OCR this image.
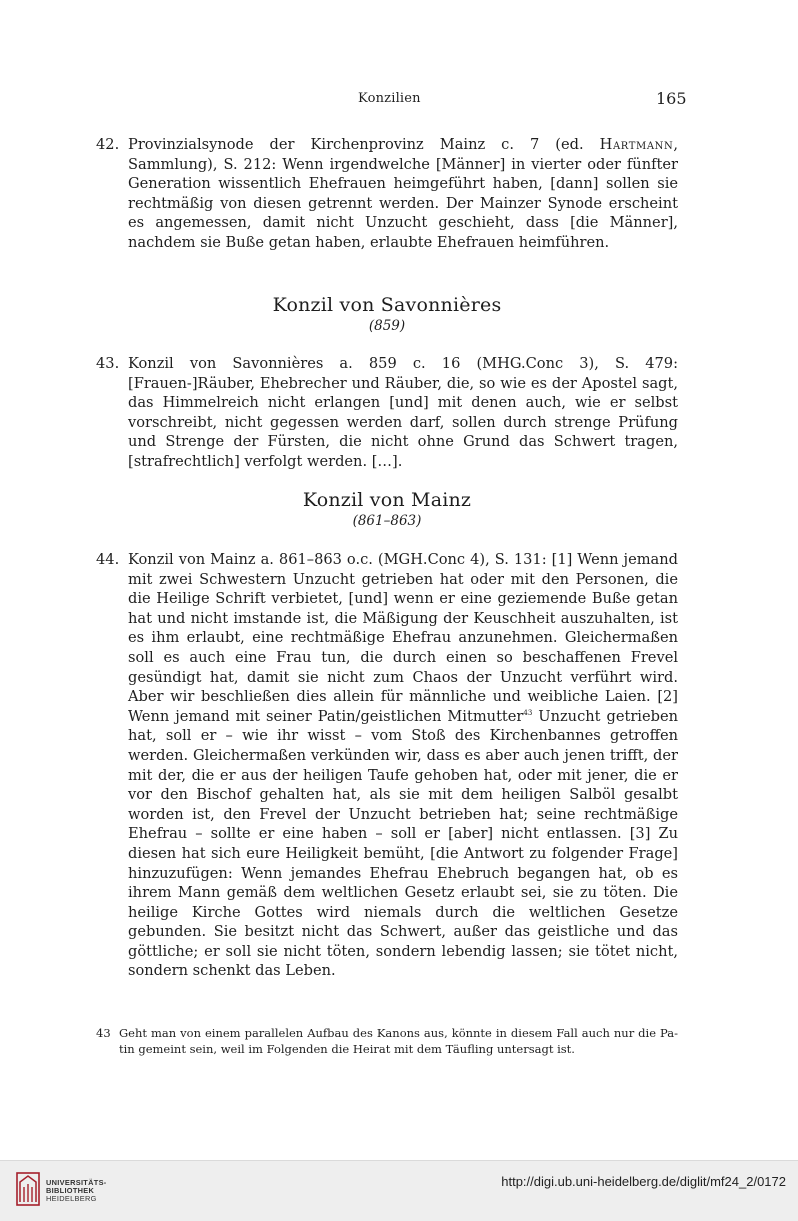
Konzilien	165
42. Provinzialsynode der Kirchenprovinz Mainz c. 7 (ed. Hartmann, Sammlung), S. 212: Wenn irgendwelche [Männer] in vierter oder fünfter Generation wissentlich Ehefrauen heimgeführt haben, [dann] sollen sie rechtmäßig von diesen getrennt werden. Der Mainzer Synode erscheint es angemessen, damit nicht Unzucht geschieht, dass [die Männer], nachdem sie Buße getan haben, erlaubte Ehefrauen heimführen.
Konzil von Savonnières
(859)
43. Konzil von Savonnières a. 859 c. 16 (MHG.Conc 3), S. 479: [Frauen-]Räuber, Ehebrecher und Räuber, die, so wie es der Apostel sagt, das Himmelreich nicht erlangen [und] mit denen auch, wie er selbst vorschreibt, nicht gegessen werden darf, sollen durch strenge Prüfung und Strenge der Fürsten, die nicht ohne Grund das Schwert tragen, [strafrechtlich] verfolgt werden. […].
Konzil von Mainz
(861–863)
44. Konzil von Mainz a. 861–863 o.c. (MGH.Conc 4), S. 131: [1] Wenn jemand mit zwei Schwestern Unzucht getrieben hat oder mit den Personen, die die Heilige Schrift verbietet, [und] wenn er eine geziemende Buße getan hat und nicht imstande ist, die Mäßigung der Keuschheit auszuhalten, ist es ihm erlaubt, eine rechtmäßige Ehefrau anzunehmen. Gleichermaßen soll es auch eine Frau tun, die durch einen so beschaffenen Frevel gesündigt hat, damit sie nicht zum Chaos der Unzucht verführt wird. Aber wir beschließen dies allein für männliche und weibliche Laien. [2] Wenn jemand mit seiner Patin/geistlichen Mitmutter$^{43}$ Unzucht getrieben hat, soll er – wie ihr wisst – vom Stoß des Kirchenbannes getroffen werden. Gleichermaßen verkünden wir, dass es aber auch jenen trifft, der mit der, die er aus der heiligen Taufe gehoben hat, oder mit jener, die er vor den Bischof gehalten hat, als sie mit dem heiligen Salböl gesalbt worden ist, den Frevel der Unzucht betrieben hat; seine rechtmäßige Ehefrau – sollte er eine haben – soll er [aber] nicht entlassen. [3] Zu diesen hat sich eure Heiligkeit bemüht, [die Antwort zu folgender Frage] hinzuzufügen: Wenn jemandes Ehefrau Ehebruch begangen hat, ob es ihrem Mann gemäß dem weltlichen Gesetz erlaubt sei, sie zu töten. Die heilige Kirche Gottes wird niemals durch die weltlichen Gesetze gebunden. Sie besitzt nicht das Schwert, außer das geistliche und das göttliche; er soll sie nicht töten, sondern lebendig lassen; sie tötet nicht, sondern schenkt das Leben.
43 Geht man von einem parallelen Aufbau des Kanons aus, könnte in diesem Fall auch nur die Patin gemeint sein, weil im Folgenden die Heirat mit dem Täufling untersagt ist.
UNIVERSITÄTS-
BIBLIOTHEK
HEIDELBERG
http://digi.ub.uni-heidelberg.de/diglit/mf24_2/0172
